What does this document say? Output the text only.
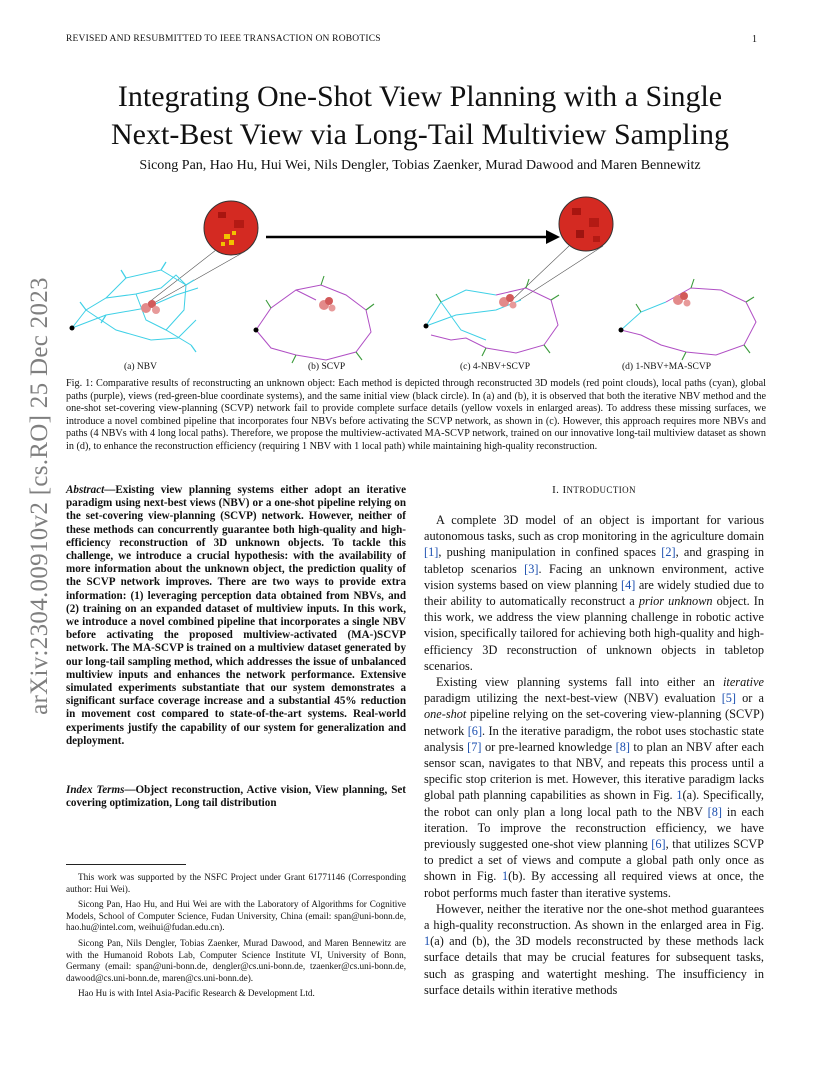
REVISED AND RESUBMITTED TO IEEE TRANSACTION ON ROBOTICS	1
Integrating One-Shot View Planning with a Single
Next-Best View via Long-Tail Multiview Sampling
Sicong Pan, Hao Hu, Hui Wei, Nils Dengler, Tobias Zaenker, Murad Dawood and Maren Bennewitz
arXiv:2304.00910v2 [cs.RO] 25 Dec 2023	(a) NBV	(b) SCVP	(c) 4-NBV+SCVP	(d) 1-NBV+MA-SCVP
Fig. 1: Comparative results of reconstructing an unknown object: Each method is depicted through reconstructed 3D models (red point clouds), local paths (cyan), global paths (purple), views (red-green-blue coordinate systems), and the same initial view (black circle). In (a) and (b), it is observed that both the iterative NBV method and the one-shot set-covering view-planning (SCVP) network fail to provide complete surface details (yellow voxels in enlarged areas). To address these missing surfaces, we introduce a novel combined pipeline that incorporates four NBVs before activating the SCVP network, as shown in (c). However, this approach requires more NBVs and paths (4 NBVs with 4 long local paths). Therefore, we propose the multiview-activated MA-SCVP network, trained on our innovative long-tail multiview dataset as shown in (d), to enhance the reconstruction efficiency (requiring 1 NBV with 1 local path) while maintaining high-quality reconstruction.
Abstract—Existing view planning systems either adopt an iterative paradigm using next-best views (NBV) or a one-shot pipeline relying on the set-covering view-planning (SCVP) network. However, neither of these methods can concurrently guarantee both high-quality and high-efficiency reconstruction of 3D unknown objects. To tackle this challenge, we introduce a crucial hypothesis: with the availability of more information about the unknown object, the prediction quality of the SCVP network improves. There are two ways to provide extra information: (1) leveraging perception data obtained from NBVs, and (2) training on an expanded dataset of multiview inputs. In this work, we introduce a novel combined pipeline that incorporates a single NBV before activating the proposed multiview-activated (MA-)SCVP network. The MA-SCVP is trained on a multiview dataset generated by our long-tail sampling method, which addresses the issue of unbalanced multiview inputs and enhances the network performance. Extensive simulated experiments substantiate that our system demonstrates a significant surface coverage increase and a substantial 45% reduction in movement cost compared to state-of-the-art systems. Real-world experiments justify the capability of our system for generalization and deployment.
Index Terms—Object reconstruction, Active vision, View planning, Set covering optimization, Long tail distribution

This work was supported by the NSFC Project under Grant 61771146 (Corresponding author: Hui Wei).

Sicong Pan, Hao Hu, and Hui Wei are with the Laboratory of Algorithms for Cognitive Models, School of Computer Science, Fudan University, China (email: span@uni-bonn.de, hao.hu@intel.com, weihui@fudan.edu.cn).

Sicong Pan, Nils Dengler, Tobias Zaenker, Murad Dawood, and Maren Bennewitz are with the Humanoid Robots Lab, Computer Science Institute VI, University of Bonn, Germany (email: span@uni-bonn.de, dengler@cs.uni-bonn.de, tzaenker@cs.uni-bonn.de, dawood@cs.uni-bonn.de, maren@cs.uni-bonn.de).

Hao Hu is with Intel Asia-Pacific Research & Development Ltd.

I. INTRODUCTION

A complete 3D model of an object is important for various autonomous tasks, such as crop monitoring in the agriculture domain [1], pushing manipulation in confined spaces [2], and grasping in tabletop scenarios [3]. Facing an unknown environment, active vision systems based on view planning [4] are widely studied due to their ability to automatically reconstruct a prior unknown object. In this work, we address the view planning challenge in robotic active vision, specifically tailored for achieving both high-quality and high-efficiency 3D reconstruction of unknown objects in tabletop scenarios.

Existing view planning systems fall into either an iterative paradigm utilizing the next-best-view (NBV) evaluation [5] or a one-shot pipeline relying on the set-covering view-planning (SCVP) network [6]. In the iterative paradigm, the robot uses stochastic state analysis [7] or pre-learned knowledge [8] to plan an NBV after each sensor scan, navigates to that NBV, and repeats this process until a specific stop criterion is met. However, this iterative paradigm lacks global path planning capabilities as shown in Fig. 1(a). Specifically, the robot can only plan a long local path to the NBV [8] in each iteration. To improve the reconstruction efficiency, we have previously suggested one-shot view planning [6], that utilizes SCVP to predict a set of views and compute a global path only once as shown in Fig. 1(b). By accessing all required views at once, the robot performs much faster than iterative systems.

However, neither the iterative nor the one-shot method guarantees a high-quality reconstruction. As shown in the enlarged area in Fig. 1(a) and (b), the 3D models reconstructed by these methods lack surface details that may be crucial features for subsequent tasks, such as grasping and watertight meshing. The insufficiency in surface details within iterative methods
